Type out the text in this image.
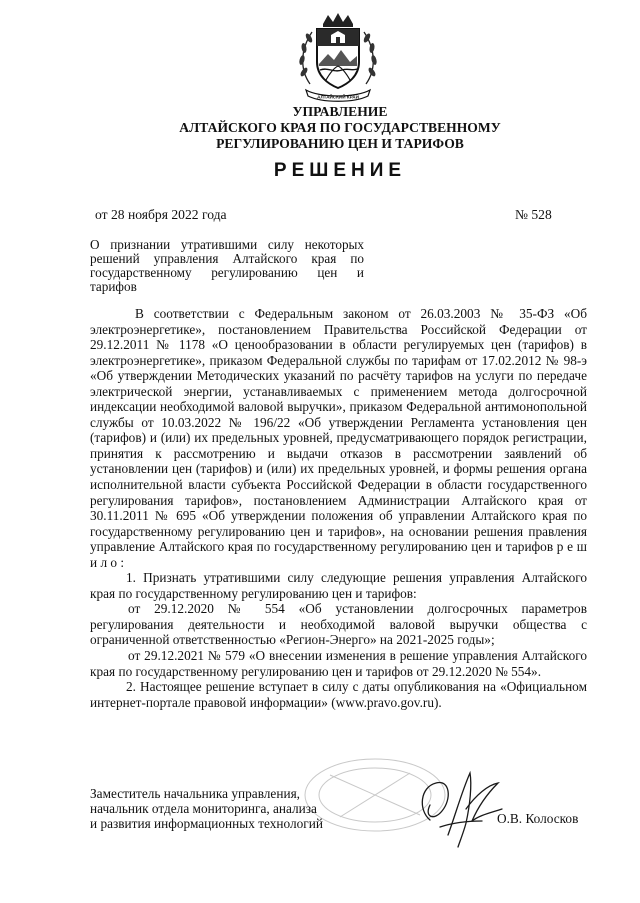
АЛТАЙСКИЙ КРАЙ
УПРАВЛЕНИЕ
АЛТАЙСКОГО КРАЯ ПО ГОСУДАРСТВЕННОМУ
РЕГУЛИРОВАНИЮ ЦЕН И ТАРИФОВ
РЕШЕНИЕ
от 28 ноября 2022 года	№ 528
О признании утратившими силу некоторых решений управления Алтайского края по государственному регулированию цен и тарифов

В соответствии с Федеральным законом от 26.03.2003 № 35-ФЗ «Об электроэнергетике», постановлением Правительства Российской Федерации от 29.12.2011 № 1178 «О ценообразовании в области регулируемых цен (тарифов) в электроэнергетике», приказом Федеральной службы по тарифам от 17.02.2012 № 98-э «Об утверждении Методических указаний по расчёту тарифов на услуги по передаче электрической энергии, устанавливаемых с применением метода долгосрочной индексации необходимой валовой выручки», приказом Федеральной антимонопольной службы от 10.03.2022 № 196/22 «Об утверждении Регламента установления цен (тарифов) и (или) их предельных уровней, предусматривающего порядок регистрации, принятия к рассмотрению и выдачи отказов в рассмотрении заявлений об установлении цен (тарифов) и (или) их предельных уровней, и формы решения органа исполнительной власти субъекта Российской Федерации в области государственного регулирования тарифов», постановлением Администрации Алтайского края от 30.11.2011 № 695 «Об утверждении положения об управлении Алтайского края по государственному регулированию цен и тарифов», на основании решения правления управление Алтайского края по государственному регулированию цен и тарифов р е ш и л о :

1. Признать утратившими силу следующие решения управления Алтайского края по государственному регулированию цен и тарифов:

от 29.12.2020 № 554 «Об установлении долгосрочных параметров регулирования деятельности и необходимой валовой выручки общества с ограниченной ответственностью «Регион-Энерго» на 2021-2025 годы»;

от 29.12.2021 № 579 «О внесении изменения в решение управления Алтайского края по государственному регулированию цен и тарифов от 29.12.2020 № 554».

2. Настоящее решение вступает в силу с даты опубликования на «Официальном интернет-портале правовой информации» (www.pravo.gov.ru).

Заместитель начальника управления,
начальник отдела мониторинга, анализа
и развития информационных технологий	О.В. Колосков
